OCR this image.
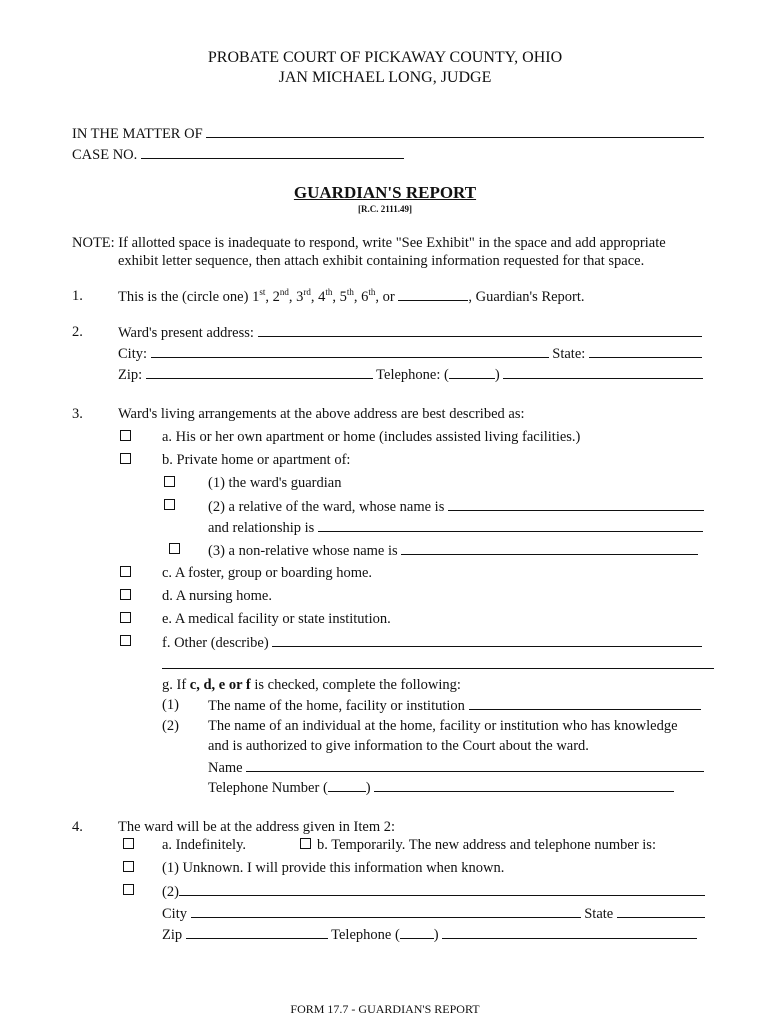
PROBATE COURT OF PICKAWAY COUNTY, OHIO
JAN MICHAEL LONG, JUDGE
IN THE MATTER OF
CASE NO.
GUARDIAN'S REPORT
[R.C. 2111.49]
NOTE: If allotted space is inadequate to respond, write "See Exhibit" in the space and add appropriate
exhibit letter sequence, then attach exhibit containing information requested for that space.
1. This is the (circle one) 1st, 2nd, 3rd, 4th, 5th, 6th, or	, Guardian's Report.
2. Ward's present address:
City:	State:
Zip:	Telephone: (	)
3. Ward's living arrangements at the above address are best described as:
a. His or her own apartment or home (includes assisted living facilities.)
b. Private home or apartment of:
(1) the ward's guardian
(2) a relative of the ward, whose name is
and relationship is
(3) a non-relative whose name is
c. A foster, group or boarding home.
d. A nursing home.
e. A medical facility or state institution.
f. Other (describe)
g. If c, d, e or f is checked, complete the following:
(1) The name of the home, facility or institution
(2) The name of an individual at the home, facility or institution who has knowledge
and is authorized to give information to the Court about the ward.
Name
Telephone Number (	)
4. The ward will be at the address given in Item 2:
a. Indefinitely.	b. Temporarily. The new address and telephone number is:
(1) Unknown. I will provide this information when known.
(2)
City	State
Zip	Telephone ( )
FORM 17.7 - GUARDIAN'S REPORT
